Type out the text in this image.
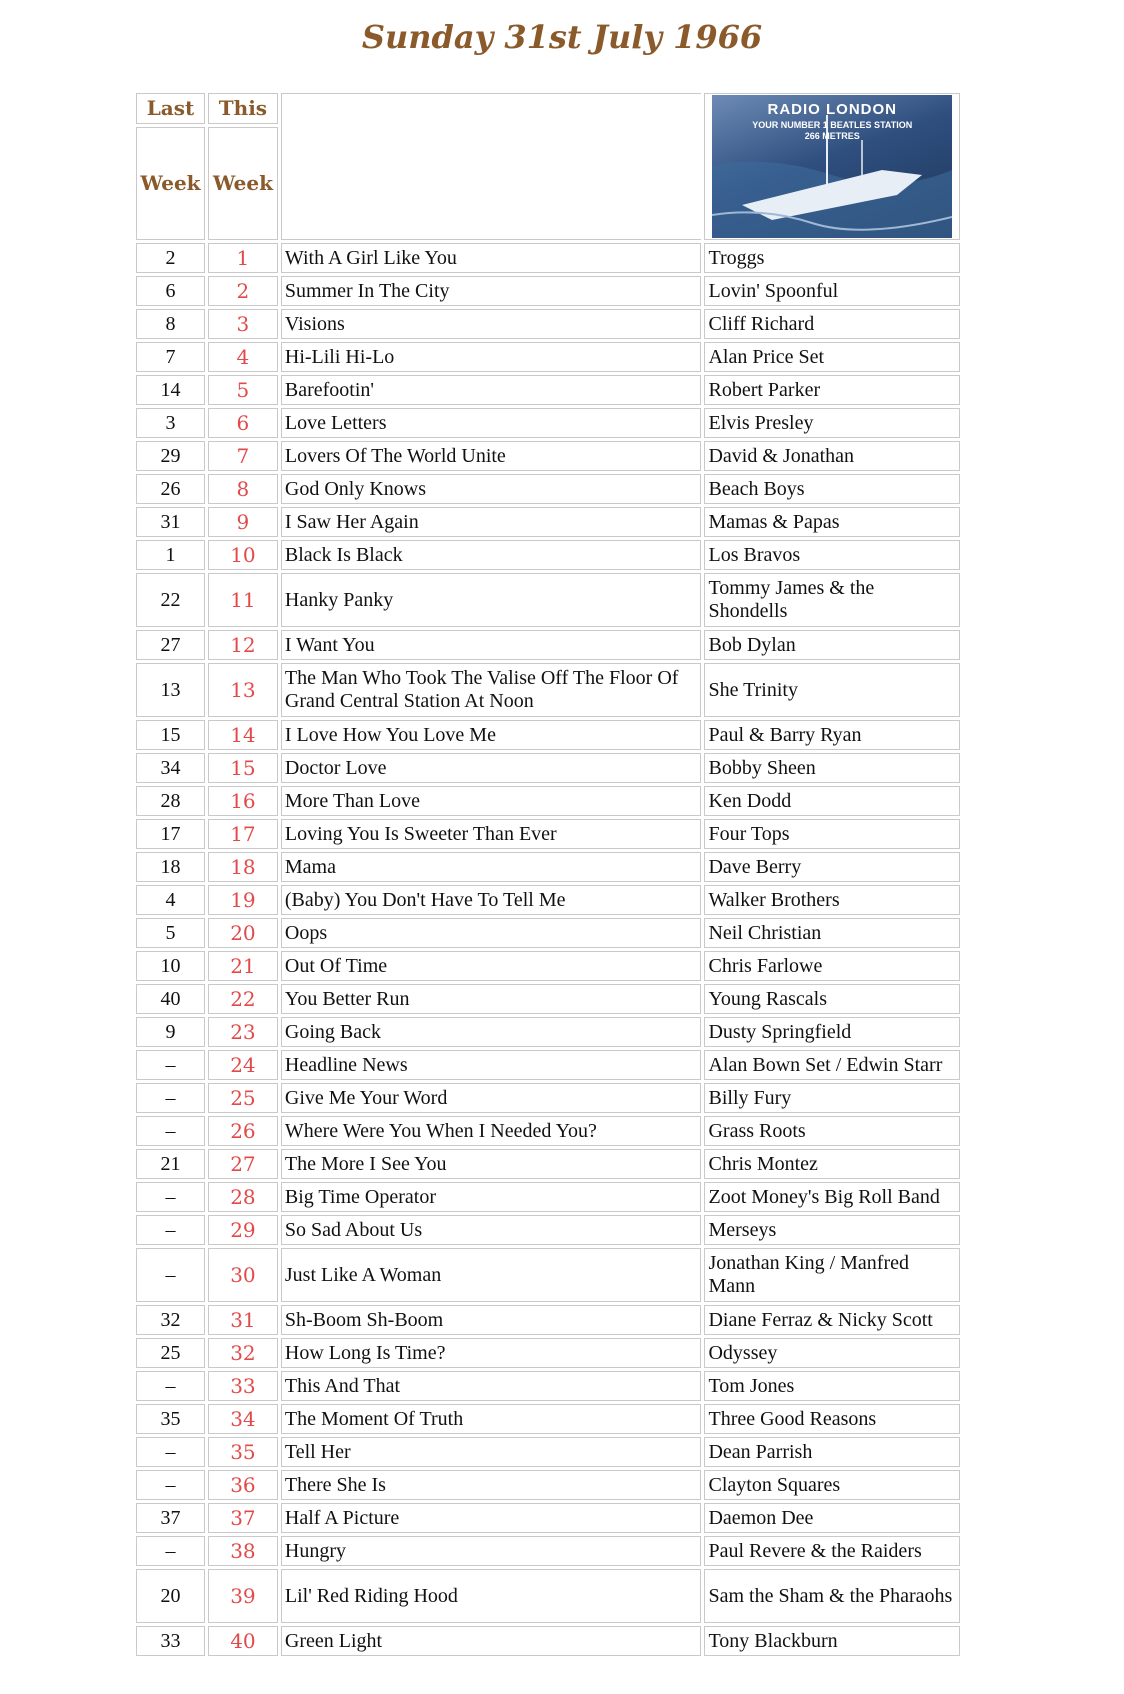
Sunday 31st July 1966
Last	This		RADIO LONDON
YOUR NUMBER 1 BEATLES STATION
266 METRES

Week	Week		
2	1	With A Girl Like You	Troggs
6	2	Summer In The City	Lovin' Spoonful
8	3	Visions	Cliff Richard
7	4	Hi-Lili Hi-Lo	Alan Price Set
14	5	Barefootin'	Robert Parker
3	6	Love Letters	Elvis Presley
29	7	Lovers Of The World Unite	David & Jonathan
26	8	God Only Knows	Beach Boys
31	9	I Saw Her Again	Mamas & Papas
1	10	Black Is Black	Los Bravos
22	11	Hanky Panky	Tommy James & the Shondells
27	12	I Want You	Bob Dylan
13	13	The Man Who Took The Valise Off The Floor Of Grand Central Station At Noon	She Trinity
15	14	I Love How You Love Me	Paul & Barry Ryan
34	15	Doctor Love	Bobby Sheen
28	16	More Than Love	Ken Dodd
17	17	Loving You Is Sweeter Than Ever	Four Tops
18	18	Mama	Dave Berry
4	19	(Baby) You Don't Have To Tell Me	Walker Brothers
5	20	Oops	Neil Christian
10	21	Out Of Time	Chris Farlowe
40	22	You Better Run	Young Rascals
9	23	Going Back	Dusty Springfield
–	24	Headline News	Alan Bown Set / Edwin Starr
–	25	Give Me Your Word	Billy Fury
–	26	Where Were You When I Needed You?	Grass Roots
21	27	The More I See You	Chris Montez
–	28	Big Time Operator	Zoot Money's Big Roll Band
–	29	So Sad About Us	Merseys
–	30	Just Like A Woman	Jonathan King / Manfred Mann
32	31	Sh-Boom Sh-Boom	Diane Ferraz & Nicky Scott
25	32	How Long Is Time?	Odyssey
–	33	This And That	Tom Jones
35	34	The Moment Of Truth	Three Good Reasons
–	35	Tell Her	Dean Parrish
–	36	There She Is	Clayton Squares
37	37	Half A Picture	Daemon Dee
–	38	Hungry	Paul Revere & the Raiders
20	39	Lil' Red Riding Hood	Sam the Sham & the Pharaohs
33	40	Green Light	Tony Blackburn
